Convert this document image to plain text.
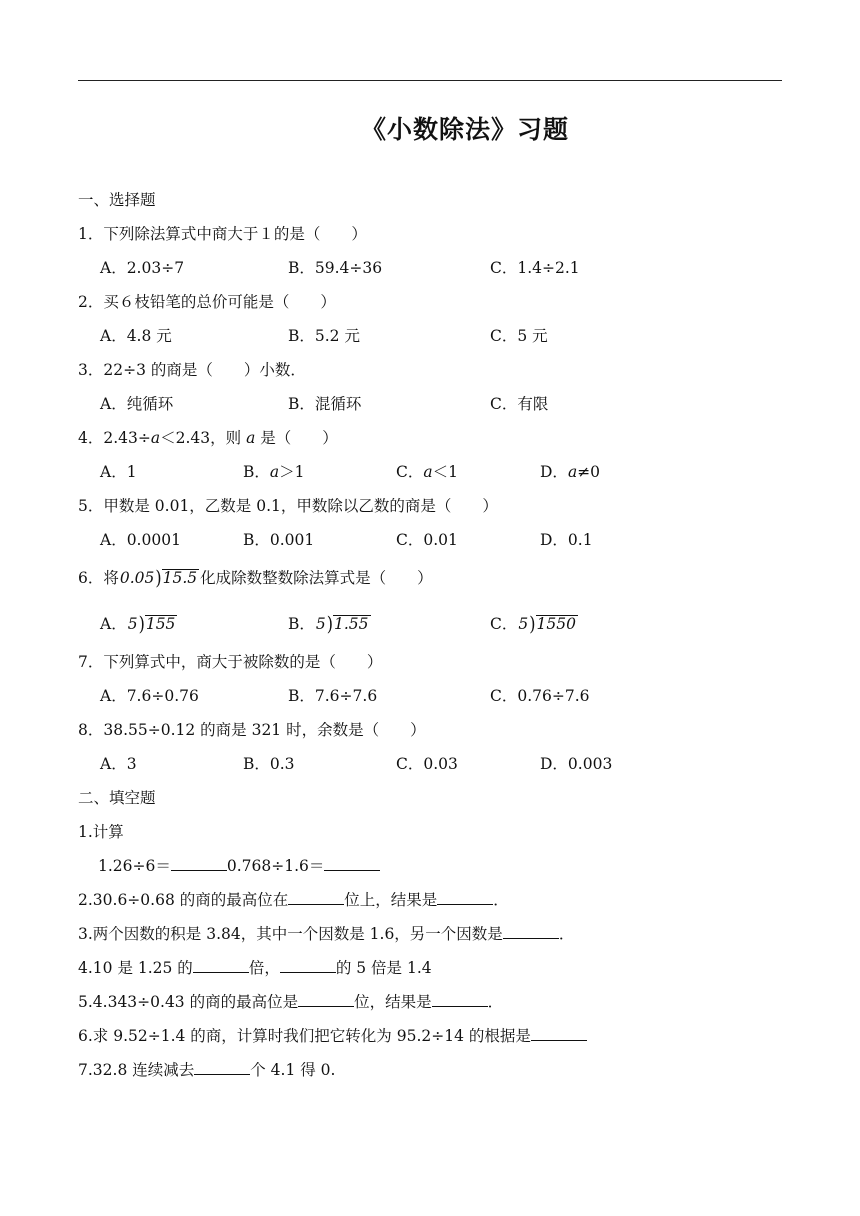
《小数除法》习题
一、选择题
1．下列除法算式中商大于１的是（　　）
A．2.03÷7	B．59.4÷36	C．1.4÷2.1
2．买６枝铅笔的总价可能是（　　）
A．4.8 元	B．5.2 元	C．5 元
3．22÷3 的商是（　　）小数．
A．纯循环	B．混循环	C．有限
4．2.43÷a＜2.43，则 a 是（　　）
A．1	B．a＞1	C．a＜1	D．a≠0
5．甲数是 0.01，乙数是 0.1，甲数除以乙数的商是（　　）
A．0.0001	B．0.001	C．0.01	D．0.1
6．将0.05)15.5 化成除数整数除法算式是（　　）
A．5)155	B．5)1.55	C．5)1550
7．下列算式中，商大于被除数的是（　　）
A．7.6÷0.76	B．7.6÷7.6	C．0.76÷7.6
8．38.55÷0.12 的商是 321 时，余数是（　　）
A．3	B．0.3	C．0.03	D．0.003
二、填空题
1.计算
1.26÷6＝	0.768÷1.6＝
2.30.6÷0.68 的商的最高位在	位上，结果是	．
3.两个因数的积是 3.84，其中一个因数是 1.6，另一个因数是	．
4.10 是 1.25 的	倍，	的 5 倍是 1.4
5.4.343÷0.43 的商的最高位是	位，结果是	．
6.求 9.52÷1.4 的商，计算时我们把它转化为 95.2÷14 的根据是
7.32.8 连续减去	个 4.1 得 0.
